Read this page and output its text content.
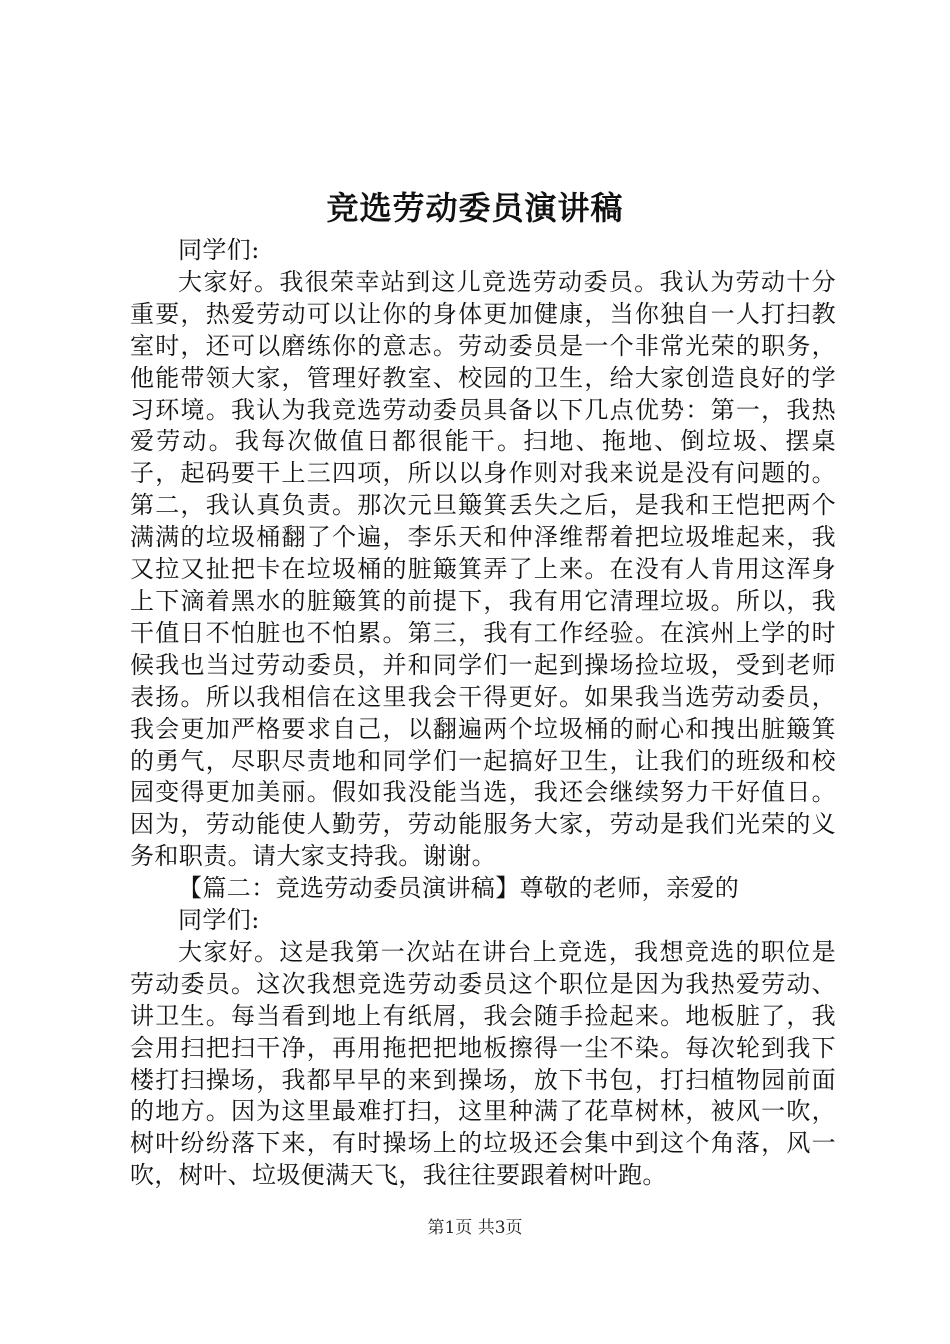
竞选劳动委员演讲稿

同学们:

大家好。我很荣幸站到这儿竞选劳动委员。我认为劳动十分重要，热爱劳动可以让你的身体更加健康，当你独自一人打扫教室时，还可以磨练你的意志。劳动委员是一个非常光荣的职务，他能带领大家，管理好教室、校园的卫生，给大家创造良好的学习环境。我认为我竞选劳动委员具备以下几点优势：第一，我热爱劳动。我每次做值日都很能干。扫地、拖地、倒垃圾、摆桌子，起码要干上三四项，所以以身作则对我来说是没有问题的。第二，我认真负责。那次元旦簸箕丢失之后，是我和王恺把两个满满的垃圾桶翻了个遍，李乐天和仲泽维帮着把垃圾堆起来，我又拉又扯把卡在垃圾桶的脏簸箕弄了上来。在没有人肯用这浑身上下滴着黑水的脏簸箕的前提下，我有用它清理垃圾。所以，我干值日不怕脏也不怕累。第三，我有工作经验。在滨州上学的时候我也当过劳动委员，并和同学们一起到操场捡垃圾，受到老师表扬。所以我相信在这里我会干得更好。如果我当选劳动委员，我会更加严格要求自己，以翻遍两个垃圾桶的耐心和拽出脏簸箕的勇气，尽职尽责地和同学们一起搞好卫生，让我们的班级和校园变得更加美丽。假如我没能当选，我还会继续努力干好值日。因为，劳动能使人勤劳，劳动能服务大家，劳动是我们光荣的义务和职责。请大家支持我。谢谢。

【篇二：竞选劳动委员演讲稿】尊敬的老师，亲爱的

同学们:

大家好。这是我第一次站在讲台上竞选，我想竞选的职位是劳动委员。这次我想竞选劳动委员这个职位是因为我热爱劳动、讲卫生。每当看到地上有纸屑，我会随手捡起来。地板脏了，我会用扫把扫干净，再用拖把把地板擦得一尘不染。每次轮到我下楼打扫操场，我都早早的来到操场，放下书包，打扫植物园前面的地方。因为这里最难打扫，这里种满了花草树林，被风一吹，树叶纷纷落下来，有时操场上的垃圾还会集中到这个角落，风一吹，树叶、垃圾便满天飞，我往往要跟着树叶跑。

第1页 共3页
